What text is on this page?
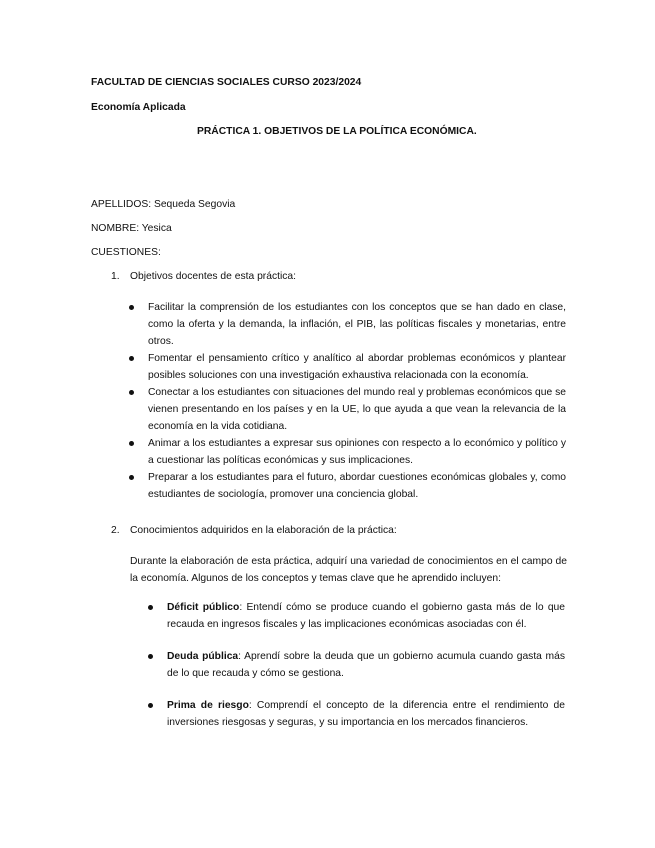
FACULTAD DE CIENCIAS SOCIALES CURSO 2023/2024
Economía Aplicada
PRÁCTICA 1. OBJETIVOS DE LA POLÍTICA ECONÓMICA.
APELLIDOS: Sequeda Segovia
NOMBRE: Yesica
CUESTIONES:
1. Objetivos docentes de esta práctica:
Facilitar la comprensión de los estudiantes con los conceptos que se han dado en clase, como la oferta y la demanda, la inflación, el PIB, las políticas fiscales y monetarias, entre otros.
Fomentar el pensamiento crítico y analítico al abordar problemas económicos y plantear posibles soluciones con una investigación exhaustiva relacionada con la economía.
Conectar a los estudiantes con situaciones del mundo real y problemas económicos que se vienen presentando en los países y en la UE, lo que ayuda a que vean la relevancia de la economía en la vida cotidiana.
Animar a los estudiantes a expresar sus opiniones con respecto a lo económico y político y a cuestionar las políticas económicas y sus implicaciones.
Preparar a los estudiantes para el futuro, abordar cuestiones económicas globales y, como estudiantes de sociología, promover una conciencia global.
2. Conocimientos adquiridos en la elaboración de la práctica:
Durante la elaboración de esta práctica, adquirí una variedad de conocimientos en el campo de la economía. Algunos de los conceptos y temas clave que he aprendido incluyen:
Déficit público: Entendí cómo se produce cuando el gobierno gasta más de lo que recauda en ingresos fiscales y las implicaciones económicas asociadas con él.
Deuda pública: Aprendí sobre la deuda que un gobierno acumula cuando gasta más de lo que recauda y cómo se gestiona.
Prima de riesgo: Comprendí el concepto de la diferencia entre el rendimiento de inversiones riesgosas y seguras, y su importancia en los mercados financieros.
